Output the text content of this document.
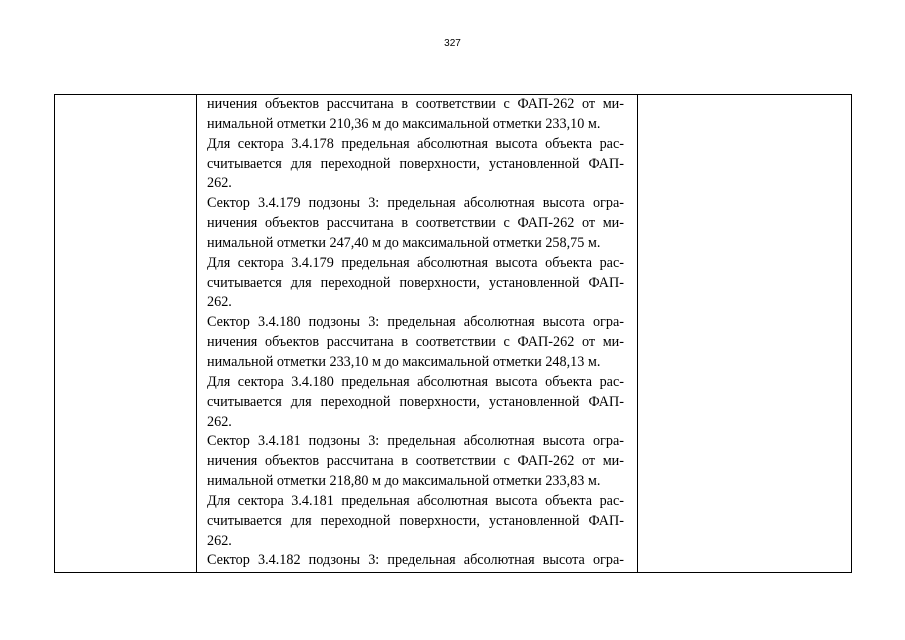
327

ничения объектов рассчитана в соответствии с ФАП-262 от ми-
нимальной отметки 210,36 м до максимальной отметки 233,10 м.
Для сектора 3.4.178 предельная абсолютная высота объекта рас-
считывается для переходной поверхности, установленной ФАП-
262.
Сектор 3.4.179 подзоны 3: предельная абсолютная высота огра-
ничения объектов рассчитана в соответствии с ФАП-262 от ми-
нимальной отметки 247,40 м до максимальной отметки 258,75 м.
Для сектора 3.4.179 предельная абсолютная высота объекта рас-
считывается для переходной поверхности, установленной ФАП-
262.
Сектор 3.4.180 подзоны 3: предельная абсолютная высота огра-
ничения объектов рассчитана в соответствии с ФАП-262 от ми-
нимальной отметки 233,10 м до максимальной отметки 248,13 м.
Для сектора 3.4.180 предельная абсолютная высота объекта рас-
считывается для переходной поверхности, установленной ФАП-
262.
Сектор 3.4.181 подзоны 3: предельная абсолютная высота огра-
ничения объектов рассчитана в соответствии с ФАП-262 от ми-
нимальной отметки 218,80 м до максимальной отметки 233,83 м.
Для сектора 3.4.181 предельная абсолютная высота объекта рас-
считывается для переходной поверхности, установленной ФАП-
262.
Сектор 3.4.182 подзоны 3: предельная абсолютная высота огра-
